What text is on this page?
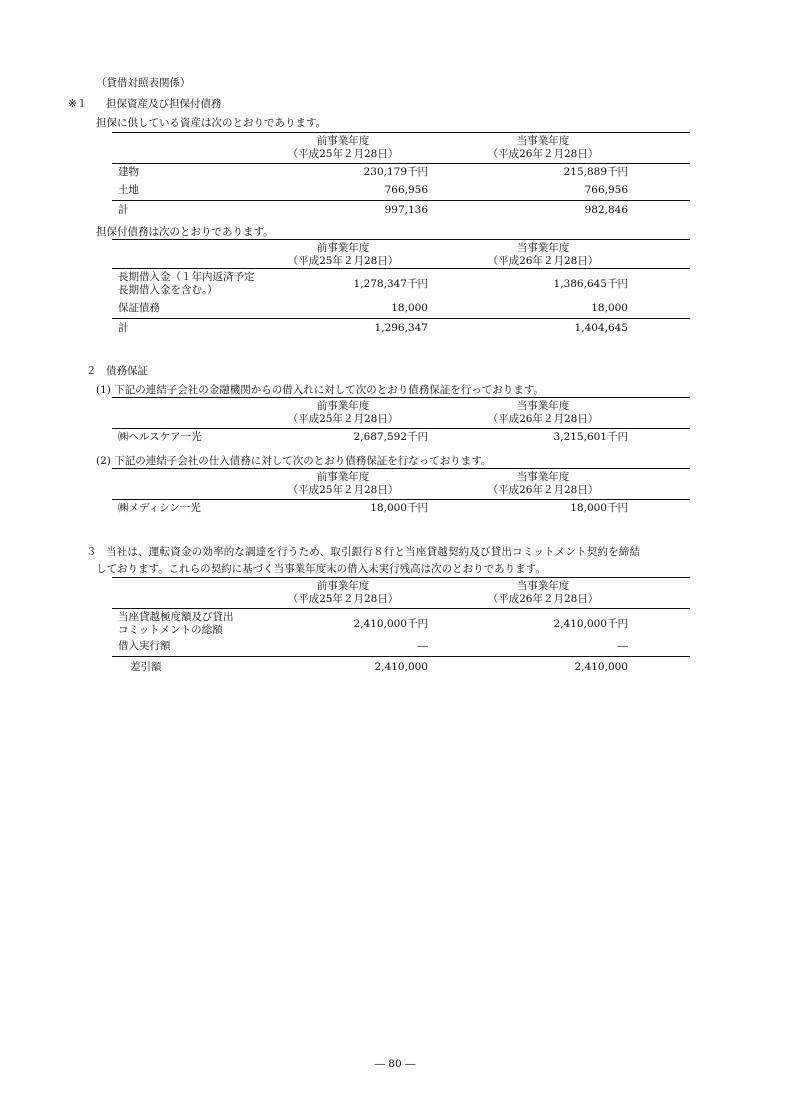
（貸借対照表関係）
※１ 担保資産及び担保付債務
担保に供している資産は次のとおりであります。
前事業年度
（平成25年２月28日）
当事業年度
（平成26年２月28日）
建物	230,179千円	215,889千円
土地	766,956	766,956
計	997,136	982,846
担保付債務は次のとおりであります。
前事業年度
（平成25年２月28日）
当事業年度
（平成26年２月28日）
長期借入金（１年内返済予定
長期借入金を含む。）	1,278,347千円	1,386,645千円
保証債務	18,000	18,000
計	1,296,347	1,404,645
２ 債務保証
(1) 下記の連結子会社の金融機関からの借入れに対して次のとおり債務保証を行っております。
前事業年度
（平成25年２月28日）
当事業年度
（平成26年２月28日）
㈱ヘルスケア一光	2,687,592千円	3,215,601千円
(2) 下記の連結子会社の仕入債務に対して次のとおり債務保証を行なっております。
前事業年度
（平成25年２月28日）
当事業年度
（平成26年２月28日）
㈱メディシン一光	18,000千円	18,000千円
３ 当社は、運転資金の効率的な調達を行うため、取引銀行８行と当座貸越契約及び貸出コミットメント契約を締結
しております。これらの契約に基づく当事業年度末の借入未実行残高は次のとおりであります。
前事業年度
（平成25年２月28日）
当事業年度
（平成26年２月28日）
当座貸越極度額及び貸出
コミットメントの総額	2,410,000千円	2,410,000千円
借入実行額	―	―
差引額	2,410,000	2,410,000
― 80 ―
